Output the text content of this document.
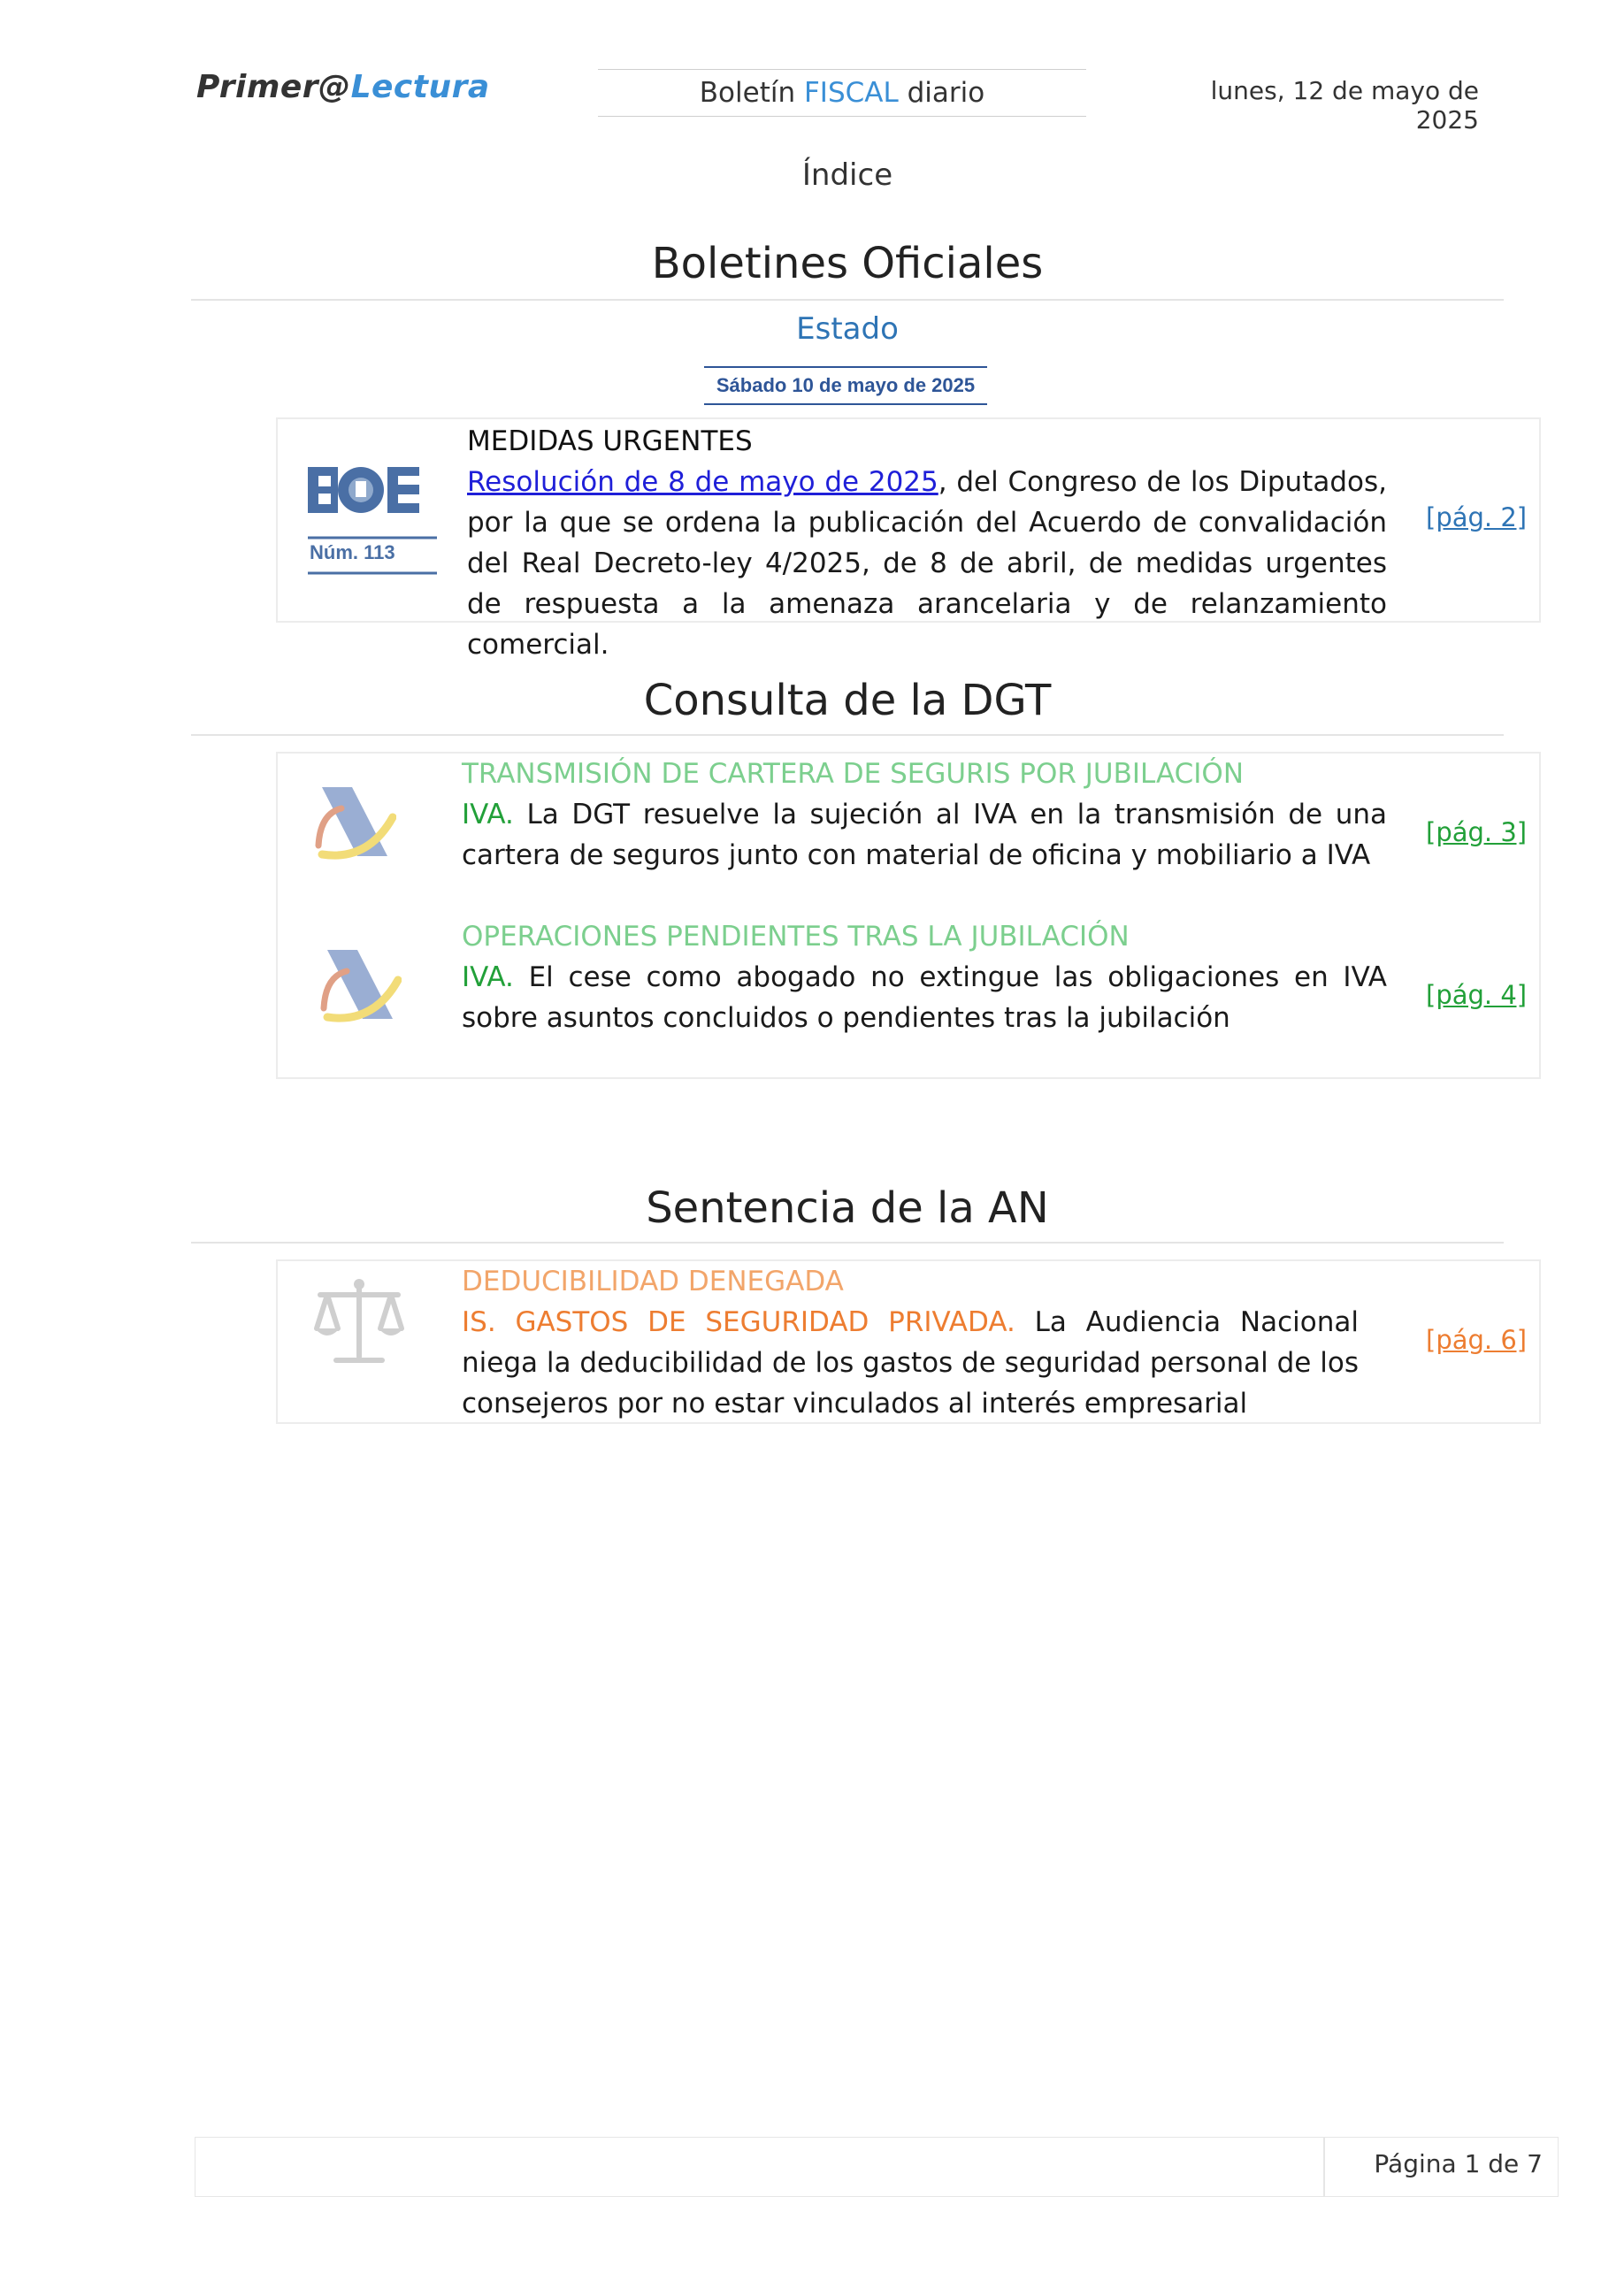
Primer@Lectura	Boletín FISCAL diario	lunes, 12 de mayo de 2025
Índice
Boletines Oficiales
Estado
Sábado 10 de mayo de 2025
Núm. 113
MEDIDAS URGENTES
Resolución de 8 de mayo de 2025, del Congreso de los Diputados, por la que se ordena la publicación del Acuerdo de convalidación del Real Decreto-ley 4/2025, de 8 de abril, de medidas urgentes de respuesta a la amenaza arancelaria y de relanzamiento comercial.
[pág. 2]
Consulta de la DGT
TRANSMISIÓN DE CARTERA DE SEGURIS POR JUBILACIÓN
IVA. La DGT resuelve la sujeción al IVA en la transmisión de una cartera de seguros junto con material de oficina y mobiliario a IVA
[pág. 3]
OPERACIONES PENDIENTES TRAS LA JUBILACIÓN
IVA. El cese como abogado no extingue las obligaciones en IVA sobre asuntos concluidos o pendientes tras la jubilación
[pág. 4]
Sentencia de la AN
DEDUCIBILIDAD DENEGADA
IS. GASTOS DE SEGURIDAD PRIVADA. La Audiencia Nacional niega la deducibilidad de los gastos de seguridad personal de los consejeros por no estar vinculados al interés empresarial
[pág. 6]
Página 1 de 7
